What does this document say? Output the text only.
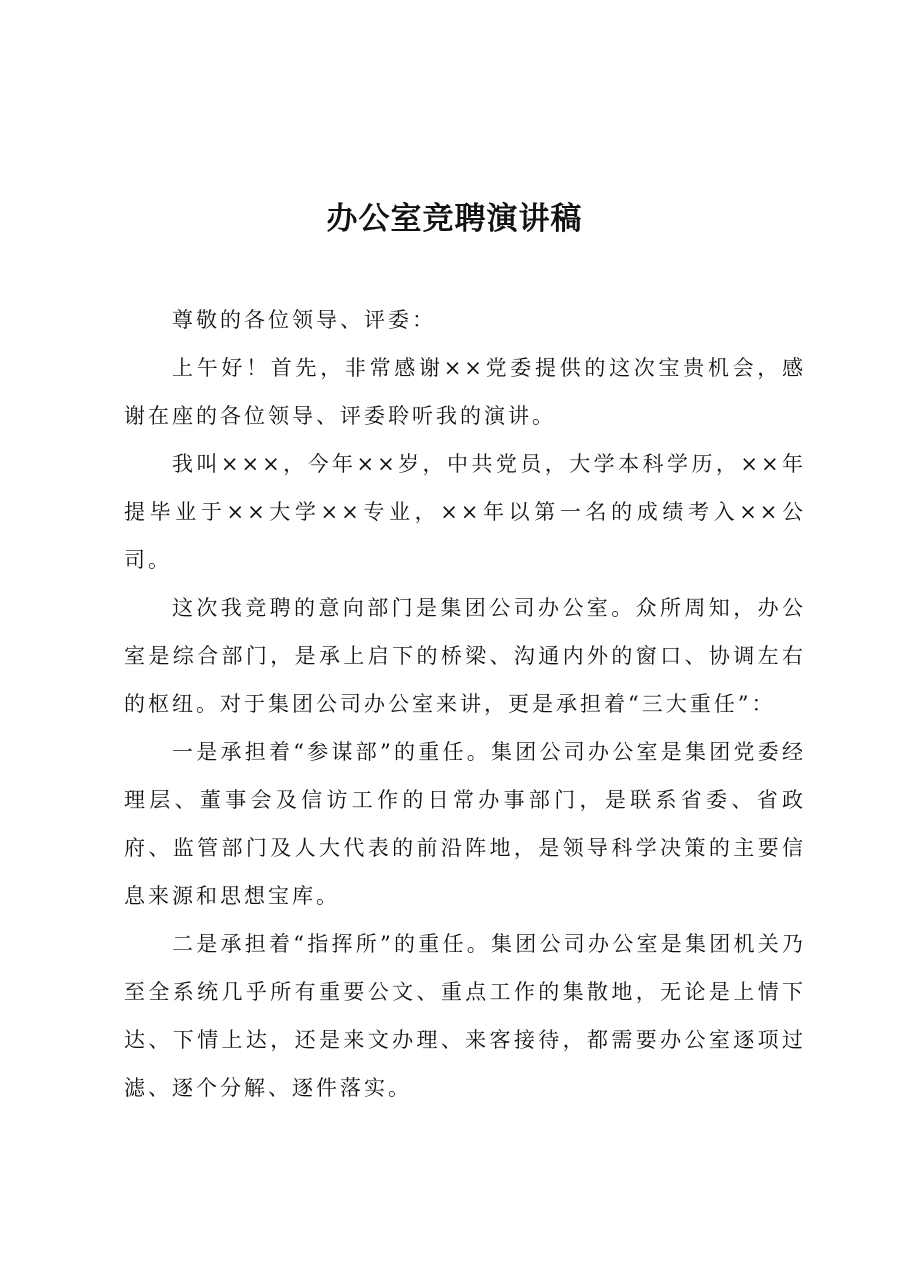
办公室竞聘演讲稿

尊敬的各位领导、评委：

上午好！首先，非常感谢××党委提供的这次宝贵机会，感谢在座的各位领导、评委聆听我的演讲。

我叫×××，今年××岁，中共党员，大学本科学历，××年提毕业于××大学××专业，××年以第一名的成绩考入××公司。

这次我竞聘的意向部门是集团公司办公室。众所周知，办公室是综合部门，是承上启下的桥梁、沟通内外的窗口、协调左右的枢纽。对于集团公司办公室来讲，更是承担着“三大重任”：

一是承担着“参谋部”的重任。集团公司办公室是集团党委经理层、董事会及信访工作的日常办事部门，是联系省委、省政府、监管部门及人大代表的前沿阵地，是领导科学决策的主要信息来源和思想宝库。

二是承担着“指挥所”的重任。集团公司办公室是集团机关乃至全系统几乎所有重要公文、重点工作的集散地，无论是上情下达、下情上达，还是来文办理、来客接待，都需要办公室逐项过滤、逐个分解、逐件落实。
